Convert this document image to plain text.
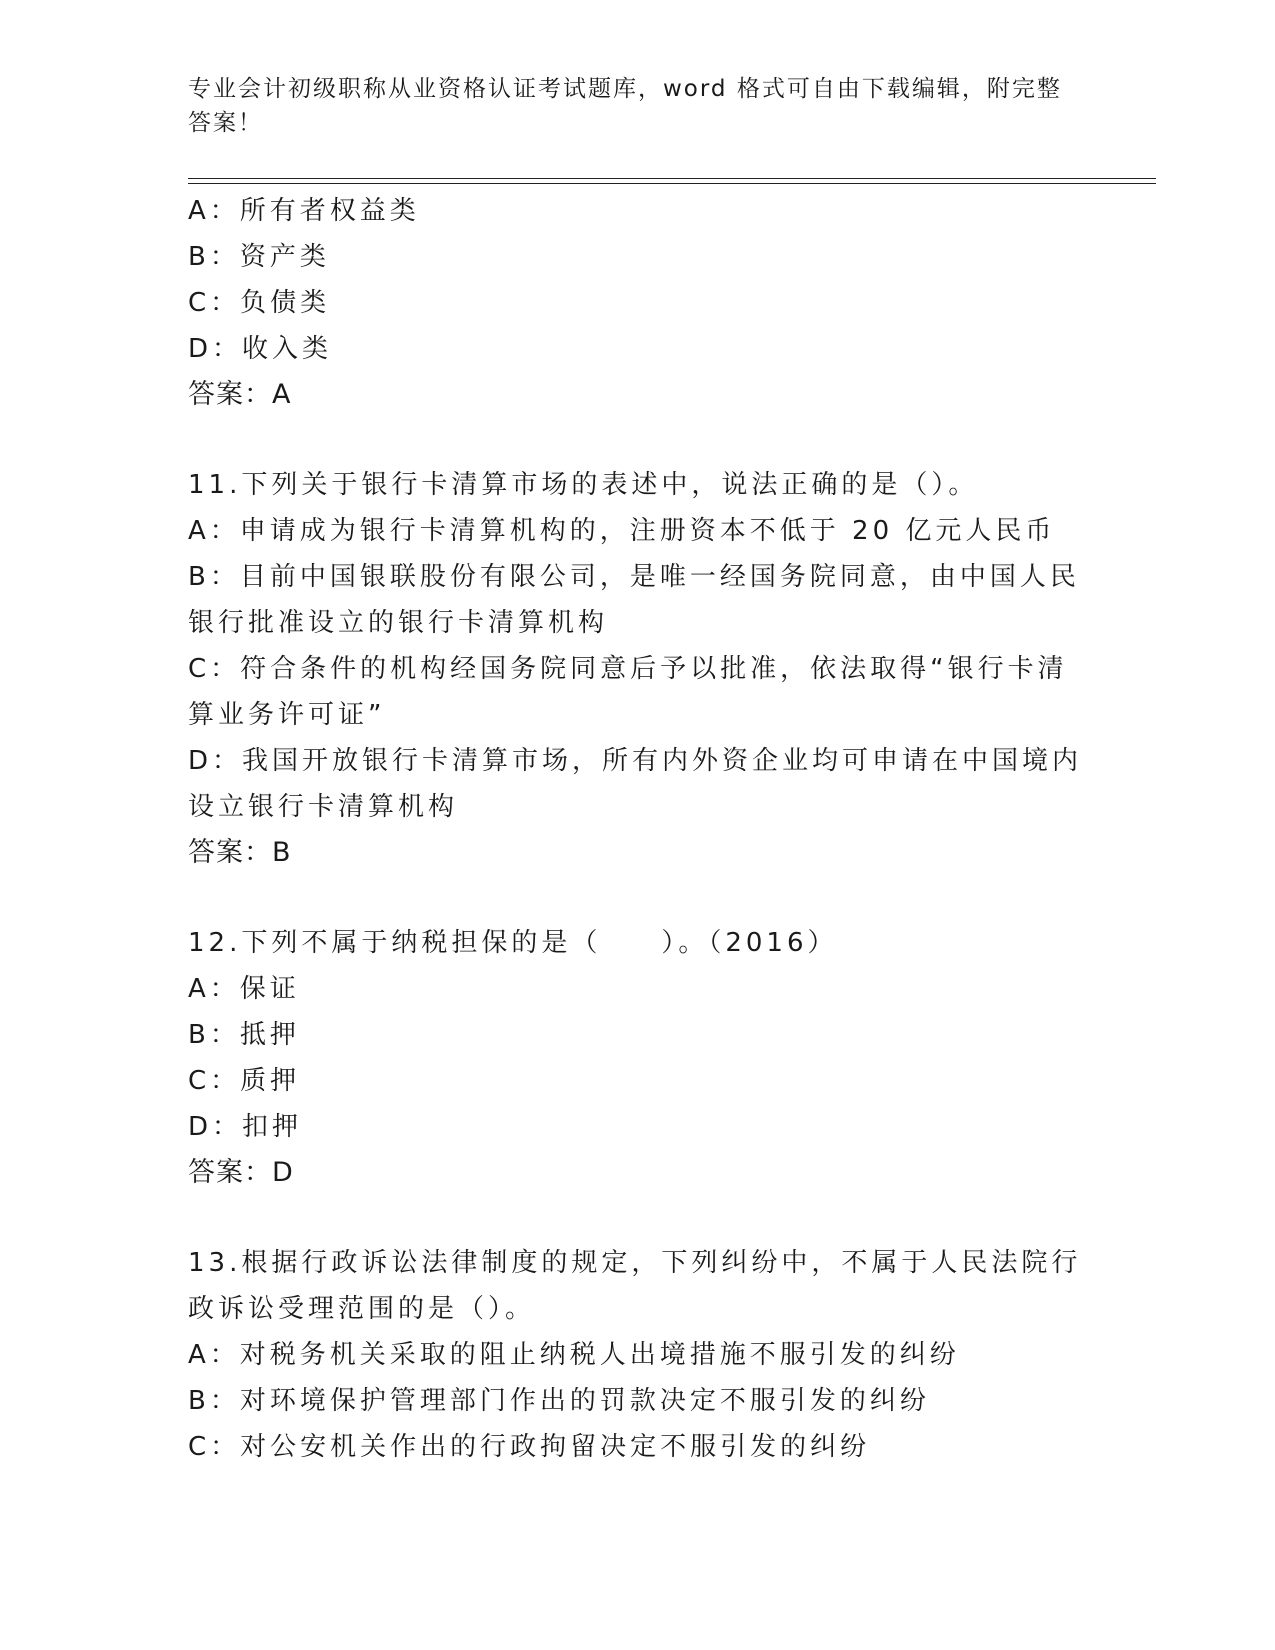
专业会计初级职称从业资格认证考试题库，word 格式可自由下载编辑，附完整答案！
A：所有者权益类
B：资产类
C：负债类
D：收入类
答案：A
11.下列关于银行卡清算市场的表述中，说法正确的是（）。
A：申请成为银行卡清算机构的，注册资本不低于 20 亿元人民币
B：目前中国银联股份有限公司，是唯一经国务院同意，由中国人民银行批准设立的银行卡清算机构
C：符合条件的机构经国务院同意后予以批准，依法取得“银行卡清算业务许可证”
D：我国开放银行卡清算市场，所有内外资企业均可申请在中国境内设立银行卡清算机构
答案：B
12.下列不属于纳税担保的是（　　）。（2016）
A：保证
B：抵押
C：质押
D：扣押
答案：D
13.根据行政诉讼法律制度的规定，下列纠纷中，不属于人民法院行政诉讼受理范围的是（）。
A：对税务机关采取的阻止纳税人出境措施不服引发的纠纷
B：对环境保护管理部门作出的罚款决定不服引发的纠纷
C：对公安机关作出的行政拘留决定不服引发的纠纷
